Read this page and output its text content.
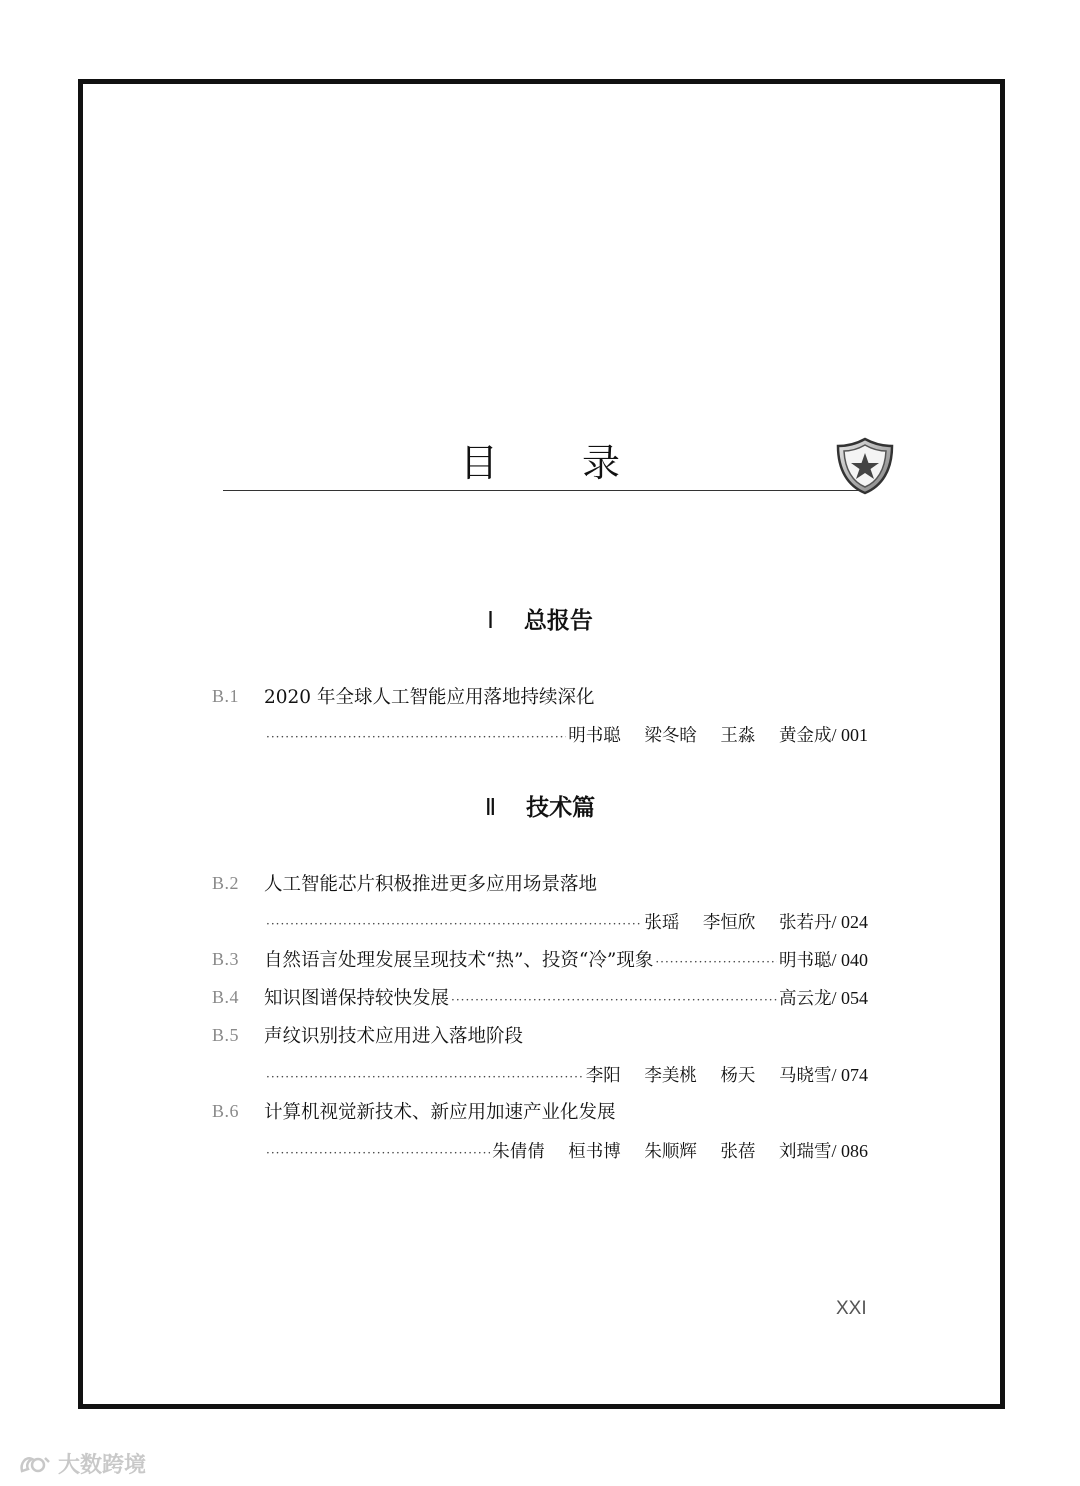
目 录
Ⅰ 总报告
B.1 2020 年全球人工智能应用落地持续深化
·····
明书聪 梁冬晗 王淼 黄金成 / 001
Ⅱ 技术篇
B.2 人工智能芯片积极推进更多应用场景落地
·····
张瑶 李恒欣 张若丹 / 024
B.3 自然语言处理发展呈现技术“热”、投资“冷”现象 ·····	明书聪 / 040
B.4 知识图谱保持较快发展 ·····	高云龙 / 054
B.5 声纹识别技术应用进入落地阶段
·····
李阳 李美桃 杨天 马晓雪 / 074
B.6 计算机视觉新技术、新应用加速产业化发展
·····
朱倩倩 桓书博 朱顺辉 张蓓 刘瑞雪 / 086
XXI
大数跨境
